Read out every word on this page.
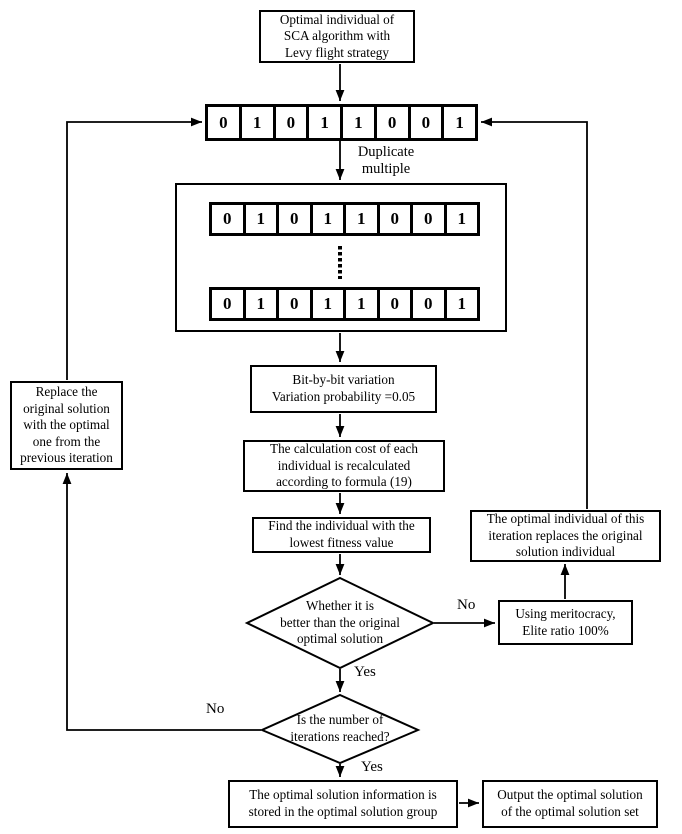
Optimal individual of
SCA algorithm with
Levy flight strategy
0	1	0	1	1	0	0	1
Duplicate multiple
0	1	0	1	1	0	0	1
0	1	0	1	1	0	0	1
Bit-by-bit variation
Variation probability =0.05
The calculation cost of each
individual is recalculated
according to formula (19)
Find the individual with the
lowest fitness value
Whether it is
better than the original
optimal solution
No
Yes
Using meritocracy,
Elite ratio 100%
The optimal individual of this
iteration replaces the original
solution individual
Replace the
original solution
with the optimal
one from the
previous iteration
Is the number of
iterations reached?
No
Yes
The optimal solution information is
stored in the optimal solution group
Output the optimal solution
of the optimal solution set
